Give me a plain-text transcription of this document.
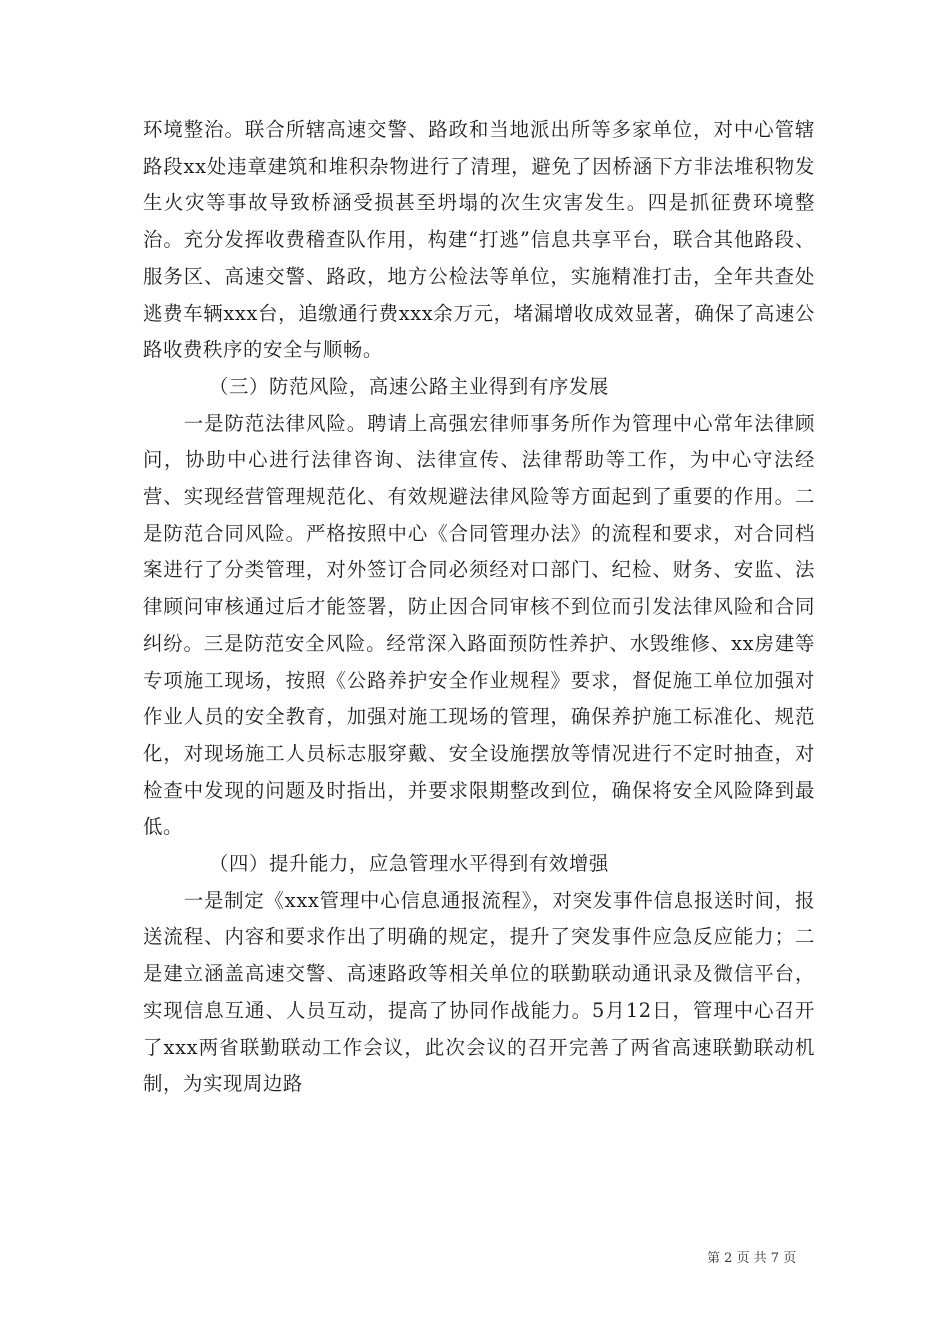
环境整治。联合所辖高速交警、路政和当地派出所等多家单位，对中心管辖路段xx处违章建筑和堆积杂物进行了清理，避免了因桥涵下方非法堆积物发生火灾等事故导致桥涵受损甚至坍塌的次生灾害发生。四是抓征费环境整治。充分发挥收费稽查队作用，构建“打逃”信息共享平台，联合其他路段、服务区、高速交警、路政，地方公检法等单位，实施精准打击，全年共查处逃费车辆xxx台，追缴通行费xxx余万元，堵漏增收成效显著，确保了高速公路收费秩序的安全与顺畅。

（三）防范风险，高速公路主业得到有序发展

一是防范法律风险。聘请上高强宏律师事务所作为管理中心常年法律顾问，协助中心进行法律咨询、法律宣传、法律帮助等工作，为中心守法经营、实现经营管理规范化、有效规避法律风险等方面起到了重要的作用。二是防范合同风险。严格按照中心《合同管理办法》的流程和要求，对合同档案进行了分类管理，对外签订合同必须经对口部门、纪检、财务、安监、法律顾问审核通过后才能签署，防止因合同审核不到位而引发法律风险和合同纠纷。三是防范安全风险。经常深入路面预防性养护、水毁维修、xx房建等专项施工现场，按照《公路养护安全作业规程》要求，督促施工单位加强对作业人员的安全教育，加强对施工现场的管理，确保养护施工标准化、规范化，对现场施工人员标志服穿戴、安全设施摆放等情况进行不定时抽查，对检查中发现的问题及时指出，并要求限期整改到位，确保将安全风险降到最低。

（四）提升能力，应急管理水平得到有效增强

一是制定《xxx管理中心信息通报流程》，对突发事件信息报送时间，报送流程、内容和要求作出了明确的规定，提升了突发事件应急反应能力；二是建立涵盖高速交警、高速路政等相关单位的联勤联动通讯录及微信平台，实现信息互通、人员互动，提高了协同作战能力。5月12日，管理中心召开了xxx两省联勤联动工作会议，此次会议的召开完善了两省高速联勤联动机制，为实现周边路

第 2 页 共 7 页
